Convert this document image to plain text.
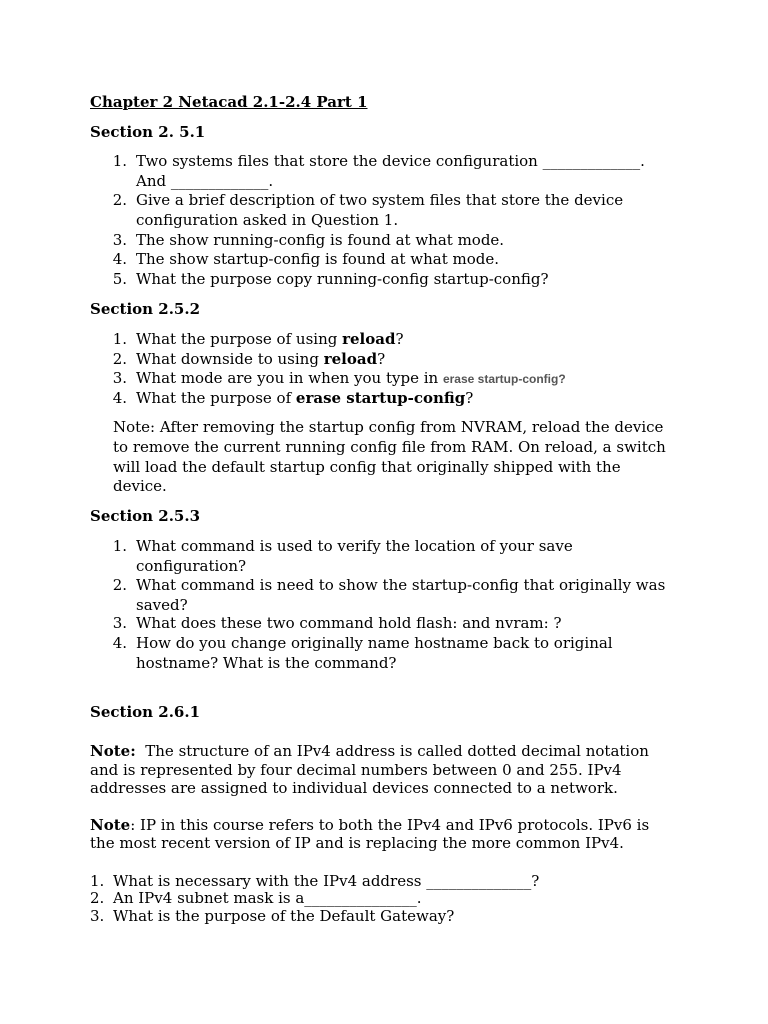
Chapter 2 Netacad 2.1-2.4 Part 1
Section 2. 5.1
1. Two systems files that store the device configuration _____________.
And _____________.
2. Give a brief description of two system files that store the device
configuration asked in Question 1.
3. The show running-config is found at what mode.
4. The show startup-config is found at what mode.
5. What the purpose copy running-config startup-config?
Section 2.5.2
1. What the purpose of using reload?
2. What downside to using reload?
3. What mode are you in when you type in erase startup-config?
4. What the purpose of erase startup-config?
Note: After removing the startup config from NVRAM, reload the device
to remove the current running config file from RAM. On reload, a switch
will load the default startup config that originally shipped with the
device.
Section 2.5.3
1. What command is used to verify the location of your save
configuration?
2. What command is need to show the startup-config that originally was
saved?
3. What does these two command hold flash: and nvram: ?
4. How do you change originally name hostname back to original
hostname? What is the command?
Section 2.6.1
Note:  The structure of an IPv4 address is called dotted decimal notation
and is represented by four decimal numbers between 0 and 255. IPv4
addresses are assigned to individual devices connected to a network.
Note: IP in this course refers to both the IPv4 and IPv6 protocols. IPv6 is
the most recent version of IP and is replacing the more common IPv4.
1. What is necessary with the IPv4 address ______________?
2. An IPv4 subnet mask is a_______________.
3. What is the purpose of the Default Gateway?
